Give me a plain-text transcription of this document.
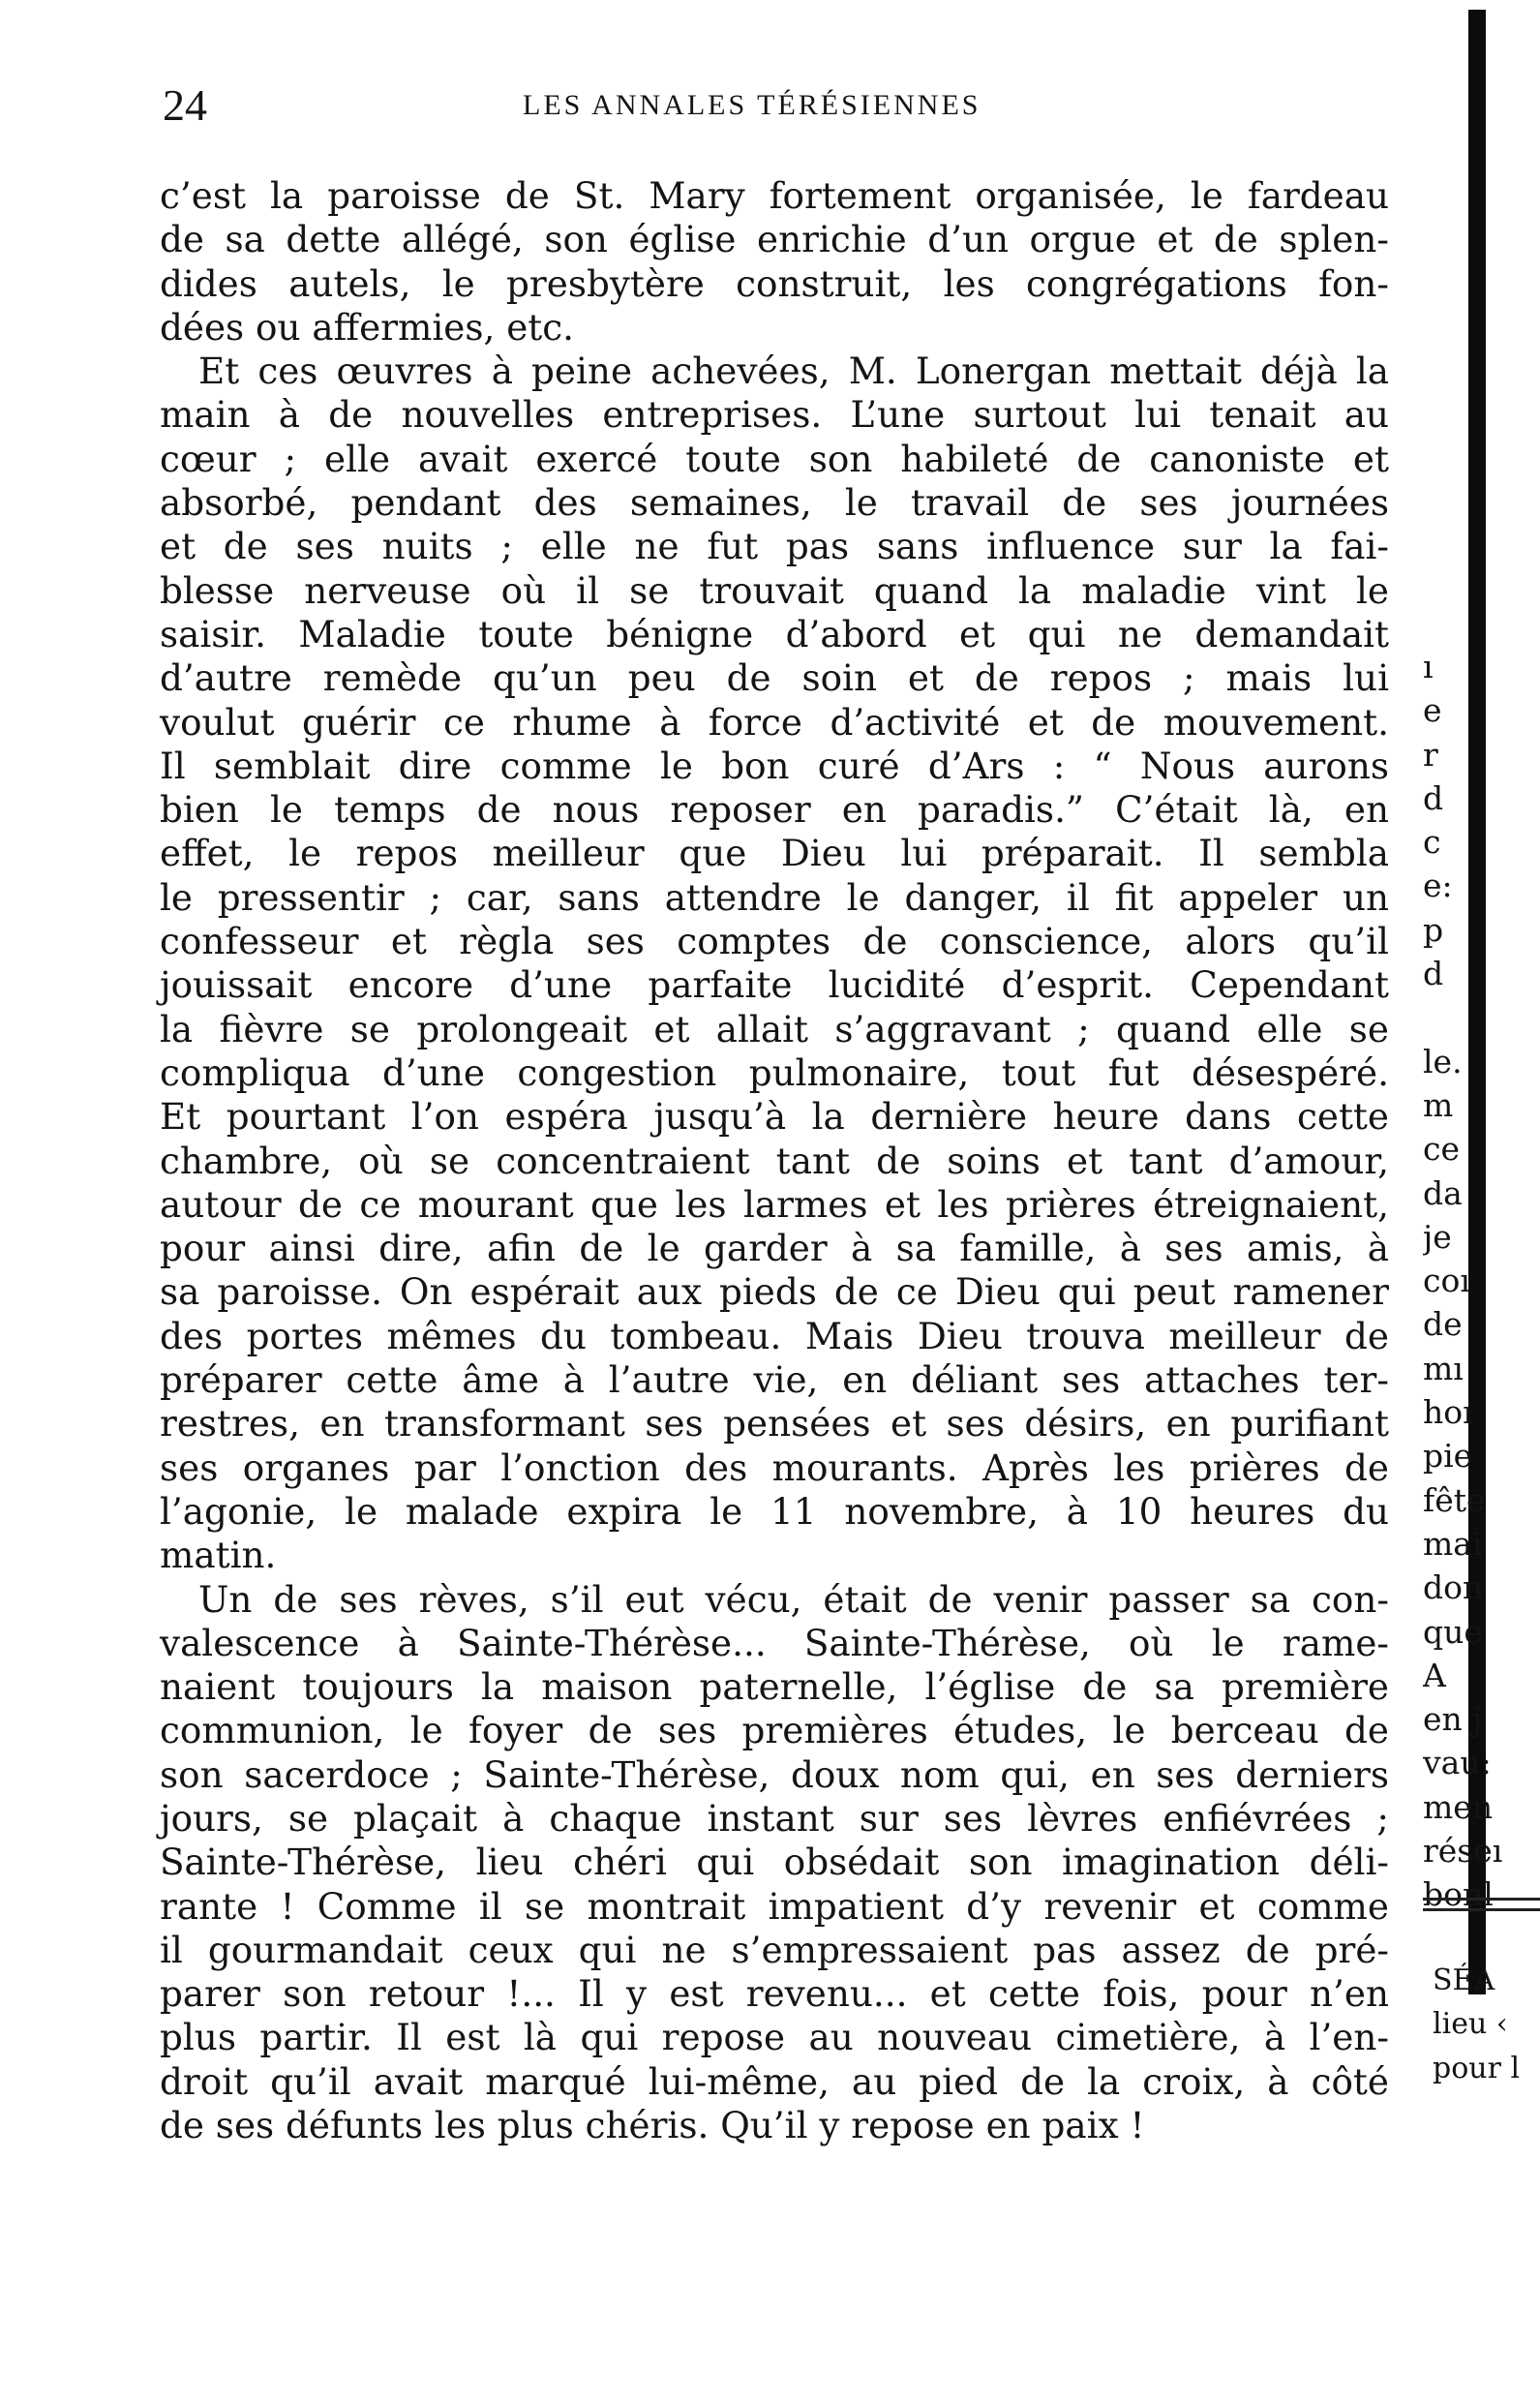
24	LES ANNALES TÉRÉSIENNES
c’est la paroisse de St. Mary fortement organisée, le fardeau
de sa dette allégé, son église enrichie d’un orgue et de splen-
dides autels, le presbytère construit, les congrégations fon-
dées ou affermies, etc.
Et ces œuvres à peine achevées, M. Lonergan mettait déjà la
main à de nouvelles entreprises. L’une surtout lui tenait au
cœur ; elle avait exercé toute son habileté de canoniste et
absorbé, pendant des semaines, le travail de ses journées
et de ses nuits ; elle ne fut pas sans influence sur la fai-
blesse nerveuse où il se trouvait quand la maladie vint le
saisir. Maladie toute bénigne d’abord et qui ne demandait
d’autre remède qu’un peu de soin et de repos ; mais lui
voulut guérir ce rhume à force d’activité et de mouvement.
Il semblait dire comme le bon curé d’Ars : “ Nous aurons
bien le temps de nous reposer en paradis.” C’était là, en
effet, le repos meilleur que Dieu lui préparait. Il sembla
le pressentir ; car, sans attendre le danger, il fit appeler un
confesseur et règla ses comptes de conscience, alors qu’il
jouissait encore d’une parfaite lucidité d’esprit. Cependant
la fièvre se prolongeait et allait s’aggravant ; quand elle se
compliqua d’une congestion pulmonaire, tout fut désespéré.
Et pourtant l’on espéra jusqu’à la dernière heure dans cette
chambre, où se concentraient tant de soins et tant d’amour,
autour de ce mourant que les larmes et les prières étreignaient,
pour ainsi dire, afin de le garder à sa famille, à ses amis, à
sa paroisse. On espérait aux pieds de ce Dieu qui peut ramener
des portes mêmes du tombeau. Mais Dieu trouva meilleur de
préparer cette âme à l’autre vie, en déliant ses attaches ter-
restres, en transformant ses pensées et ses désirs, en purifiant
ses organes par l’onction des mourants. Après les prières de
l’agonie, le malade expira le 11 novembre, à 10 heures du
matin.
Un de ses rèves, s’il eut vécu, était de venir passer sa con-
valescence à Sainte-Thérèse... Sainte-Thérèse, où le rame-
naient toujours la maison paternelle, l’église de sa première
communion, le foyer de ses premières études, le berceau de
son sacerdoce ; Sainte-Thérèse, doux nom qui, en ses derniers
jours, se plaçait à chaque instant sur ses lèvres enfiévrées ;
Sainte-Thérèse, lieu chéri qui obsédait son imagination déli-
rante ! Comme il se montrait impatient d’y revenir et comme
il gourmandait ceux qui ne s’empressaient pas assez de pré-
parer son retour !... Il y est revenu... et cette fois, pour n’en
plus partir. Il est là qui repose au nouveau cimetière, à l’en-
droit qu’il avait marqué lui-même, au pied de la croix, à côté
de ses défunts les plus chéris. Qu’il y repose en paix !
ı
e
r
d
c
e:
p
d
le.
m
ce
da
je
coı
de
mı
hoı
pie
fête
mai
don
que
A
en j
vau:
men
réseı
bonl
SÉA
lieu ‹
pour l
